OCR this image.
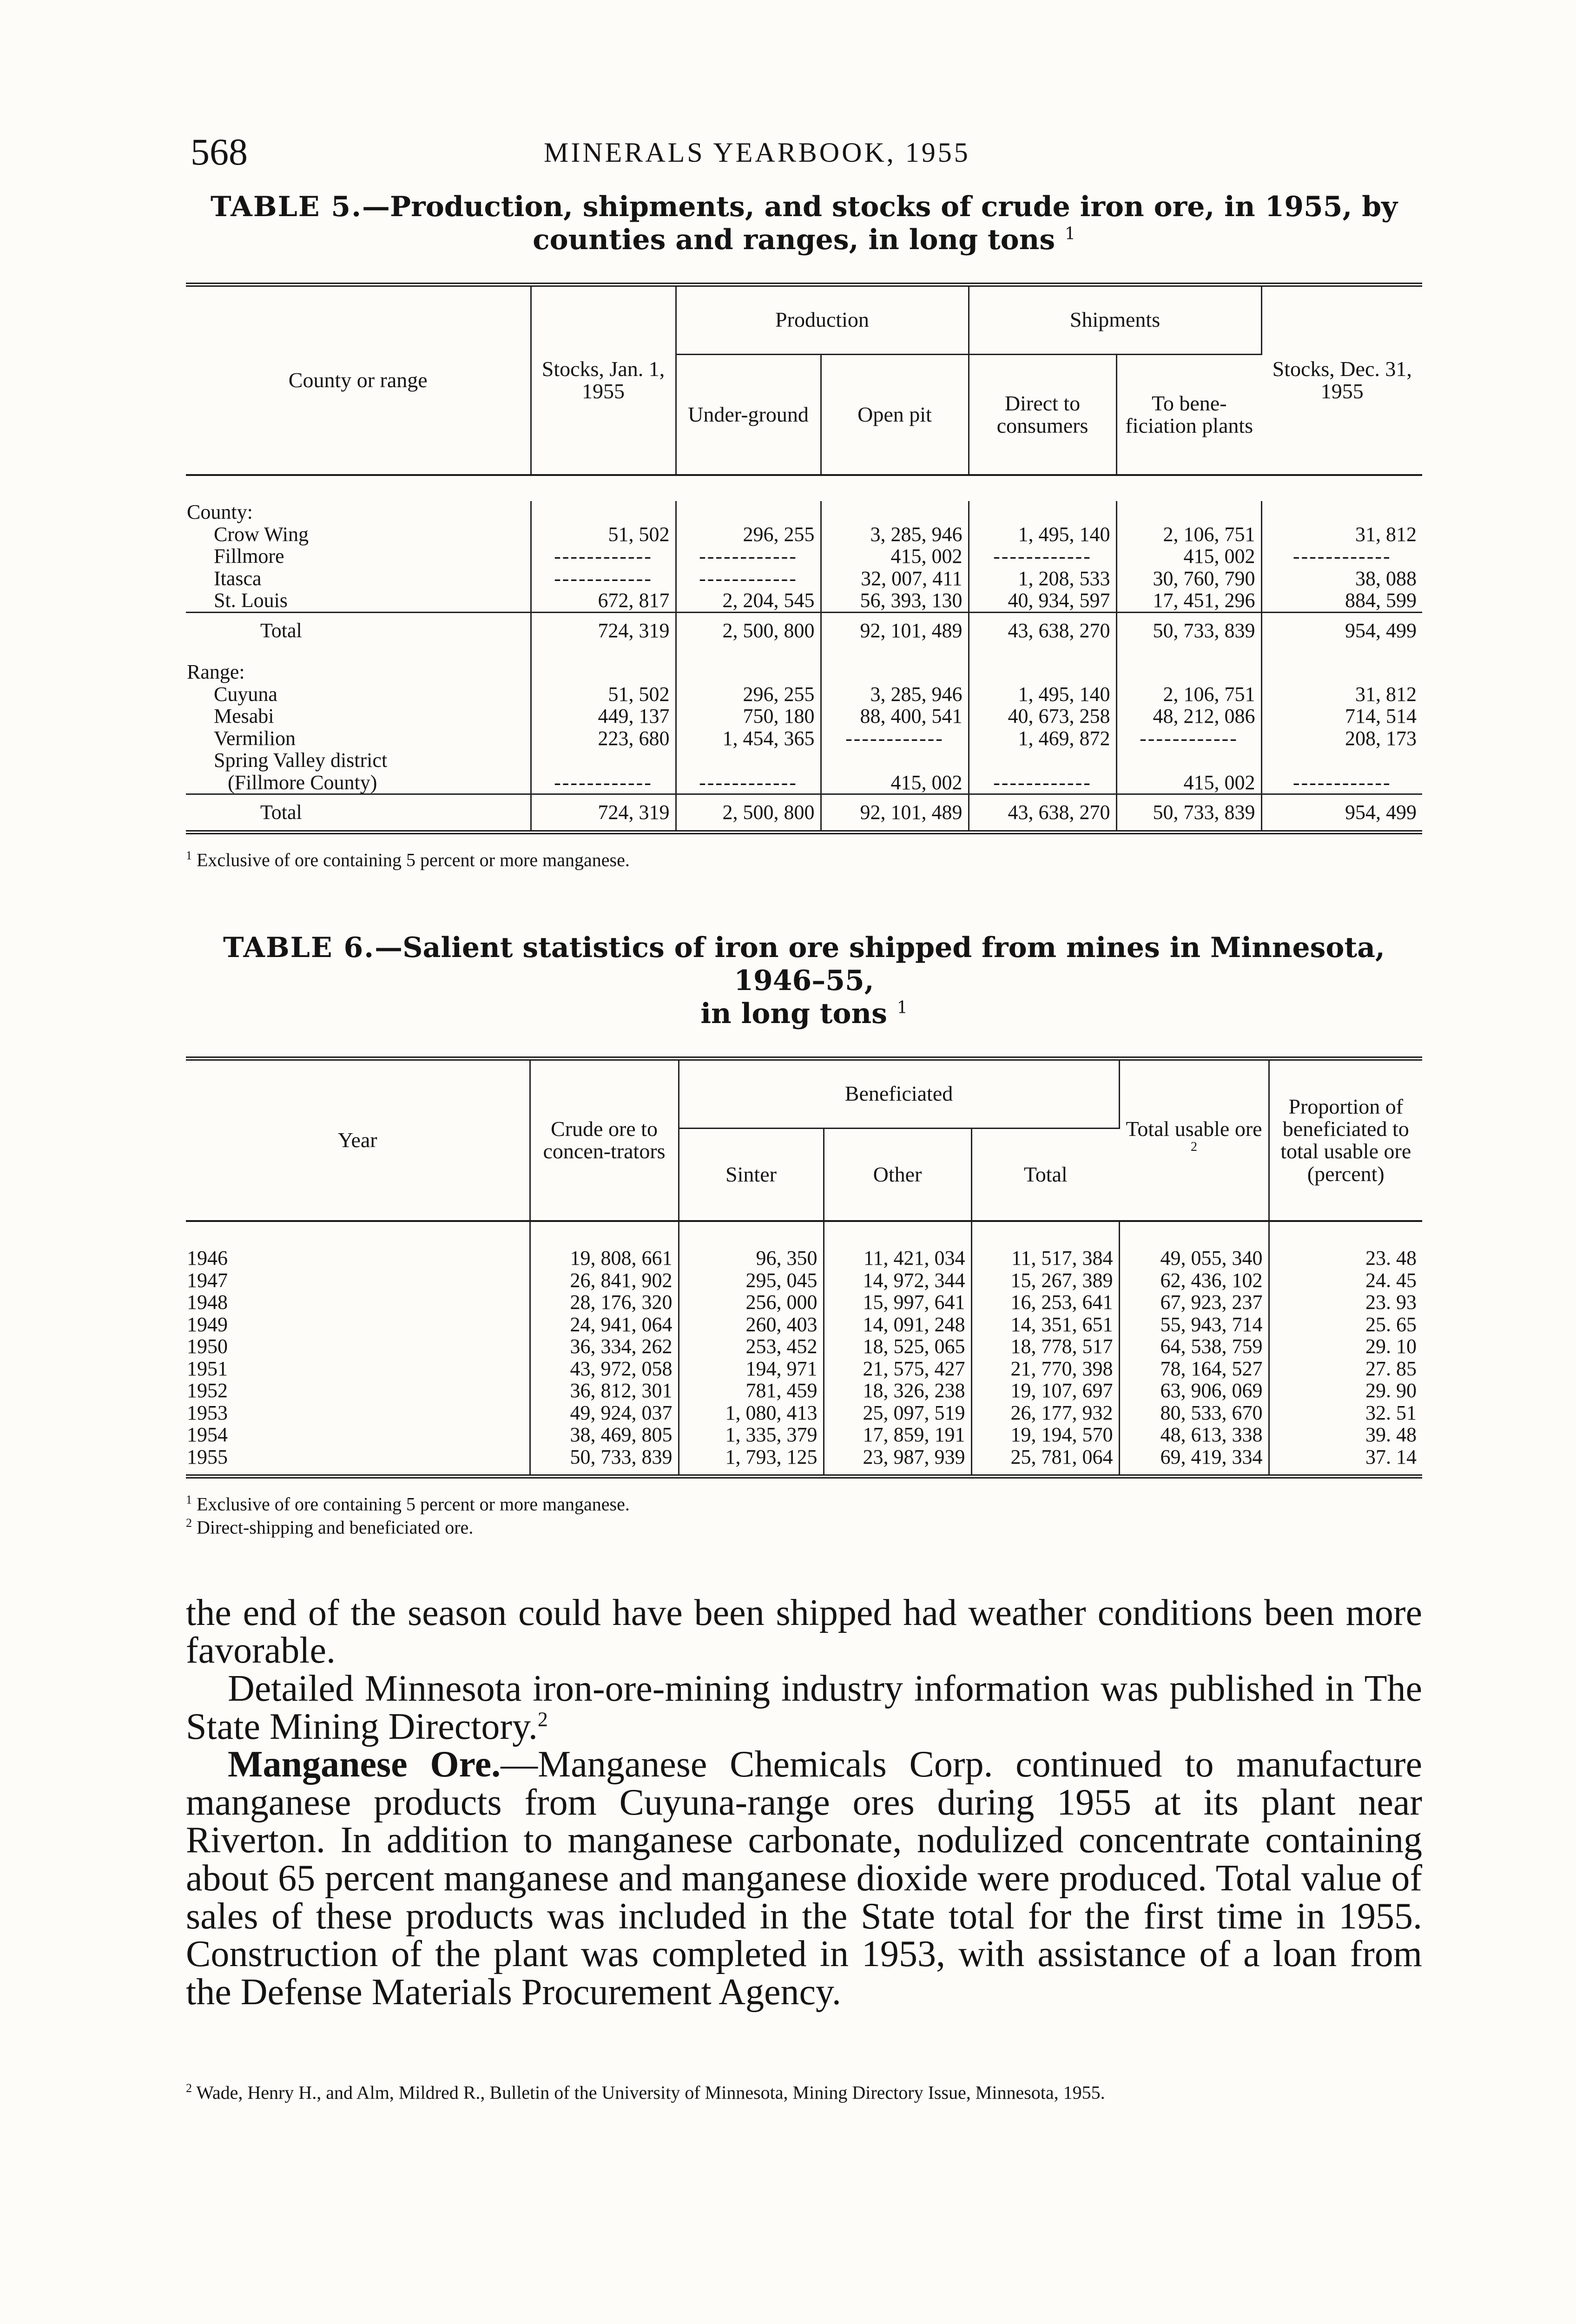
568	MINERALS YEARBOOK, 1955
TABLE 5.—Production, shipments, and stocks of crude iron ore, in 1955, by
counties and ranges, in long tons $^1$
County or range	Stocks, Jan. 1, 1955	Production		Shipments		Stocks, Dec. 31, 1955
		Under-ground	Open pit	Direct to consumers	To bene-ficiation plants	

County:						
Crow Wing	51, 502	296, 255	3, 285, 946	1, 495, 140	2, 106, 751	31, 812
Fillmore	------------	------------	415, 002	------------	415, 002	------------
Itasca	------------	------------	32, 007, 411	1, 208, 533	30, 760, 790	38, 088
St. Louis	672, 817	2, 204, 545	56, 393, 130	40, 934, 597	17, 451, 296	884, 599
Total	724, 319	2, 500, 800	92, 101, 489	43, 638, 270	50, 733, 839	954, 499

Range:						
Cuyuna	51, 502	296, 255	3, 285, 946	1, 495, 140	2, 106, 751	31, 812
Mesabi	449, 137	750, 180	88, 400, 541	40, 673, 258	48, 212, 086	714, 514
Vermilion	223, 680	1, 454, 365	------------	1, 469, 872	------------	208, 173

Spring Valley district
(Fillmore County)	------------	------------	415, 002	------------	415, 002	------------
Total	724, 319	2, 500, 800	92, 101, 489	43, 638, 270	50, 733, 839	954, 499

$^1$ Exclusive of ore containing 5 percent or more manganese.

TABLE 6.—Salient statistics of iron ore shipped from mines in Minnesota, 1946–55,
in long tons $^1$
Year	Crude ore to concen-trators	Beneficiated			Total usable ore $^2$	Proportion of beneficiated to total usable ore (percent)
		Sinter	Other	Total		

1946	19, 808, 661	96, 350	11, 421, 034	11, 517, 384	49, 055, 340	23. 48
1947	26, 841, 902	295, 045	14, 972, 344	15, 267, 389	62, 436, 102	24. 45
1948	28, 176, 320	256, 000	15, 997, 641	16, 253, 641	67, 923, 237	23. 93
1949	24, 941, 064	260, 403	14, 091, 248	14, 351, 651	55, 943, 714	25. 65
1950	36, 334, 262	253, 452	18, 525, 065	18, 778, 517	64, 538, 759	29. 10
1951	43, 972, 058	194, 971	21, 575, 427	21, 770, 398	78, 164, 527	27. 85
1952	36, 812, 301	781, 459	18, 326, 238	19, 107, 697	63, 906, 069	29. 90
1953	49, 924, 037	1, 080, 413	25, 097, 519	26, 177, 932	80, 533, 670	32. 51
1954	38, 469, 805	1, 335, 379	17, 859, 191	19, 194, 570	48, 613, 338	39. 48
1955	50, 733, 839	1, 793, 125	23, 987, 939	25, 781, 064	69, 419, 334	37. 14

$^1$ Exclusive of ore containing 5 percent or more manganese.

$^2$ Direct-shipping and beneficiated ore.

the end of the season could have been shipped had weather conditions been more favorable.

Detailed Minnesota iron-ore-mining industry information was published in The State Mining Directory.$^2$

Manganese Ore.—Manganese Chemicals Corp. continued to manufacture manganese products from Cuyuna-range ores during 1955 at its plant near Riverton. In addition to manganese carbonate, nodulized concentrate containing about 65 percent manganese and manganese dioxide were produced. Total value of sales of these products was included in the State total for the first time in 1955. Construction of the plant was completed in 1953, with assistance of a loan from the Defense Materials Procurement Agency.

$^2$ Wade, Henry H., and Alm, Mildred R., Bulletin of the University of Minnesota, Mining Directory Issue, Minnesota, 1955.
